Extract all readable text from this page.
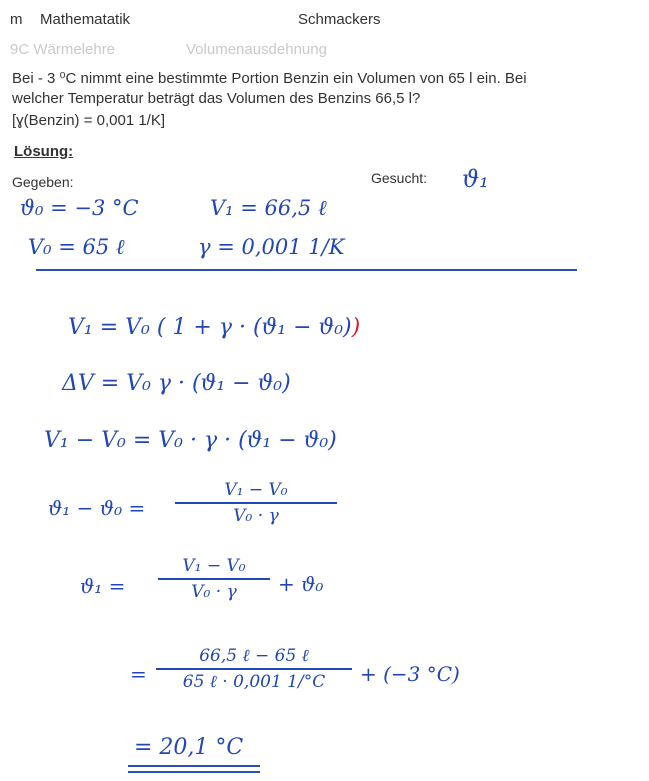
m Mathematatik	Schmackers
9C Wärmelehre	Volumenausdehnung
Bei - 3 ⁰C nimmt eine bestimmte Portion Benzin ein Volumen von 65 l ein. Bei
welcher Temperatur beträgt das Volumen des Benzins 66,5 l?
[ɣ(Benzin) = 0,001 1/K]
Lösung:
Gegeben:	Gesucht: ϑ₁
ϑ₀ = −3 °C	V₁ = 66,5 ℓ
V₀ = 65 ℓ	γ = 0,001 1/K
V₁ = V₀ ( 1 + γ · (ϑ₁ − ϑ₀))
ΔV = V₀ γ · (ϑ₁ − ϑ₀)
V₁ − V₀ = V₀ · γ · (ϑ₁ − ϑ₀)
ϑ₁ − ϑ₀ =
V₁ − V₀
V₀ · γ
ϑ₁ =
V₁ − V₀
V₀ · γ + ϑ₀
=
66,5 ℓ − 65 ℓ
65 ℓ · 0,001 1/°C + (−3 °C)
= 20,1 °C
